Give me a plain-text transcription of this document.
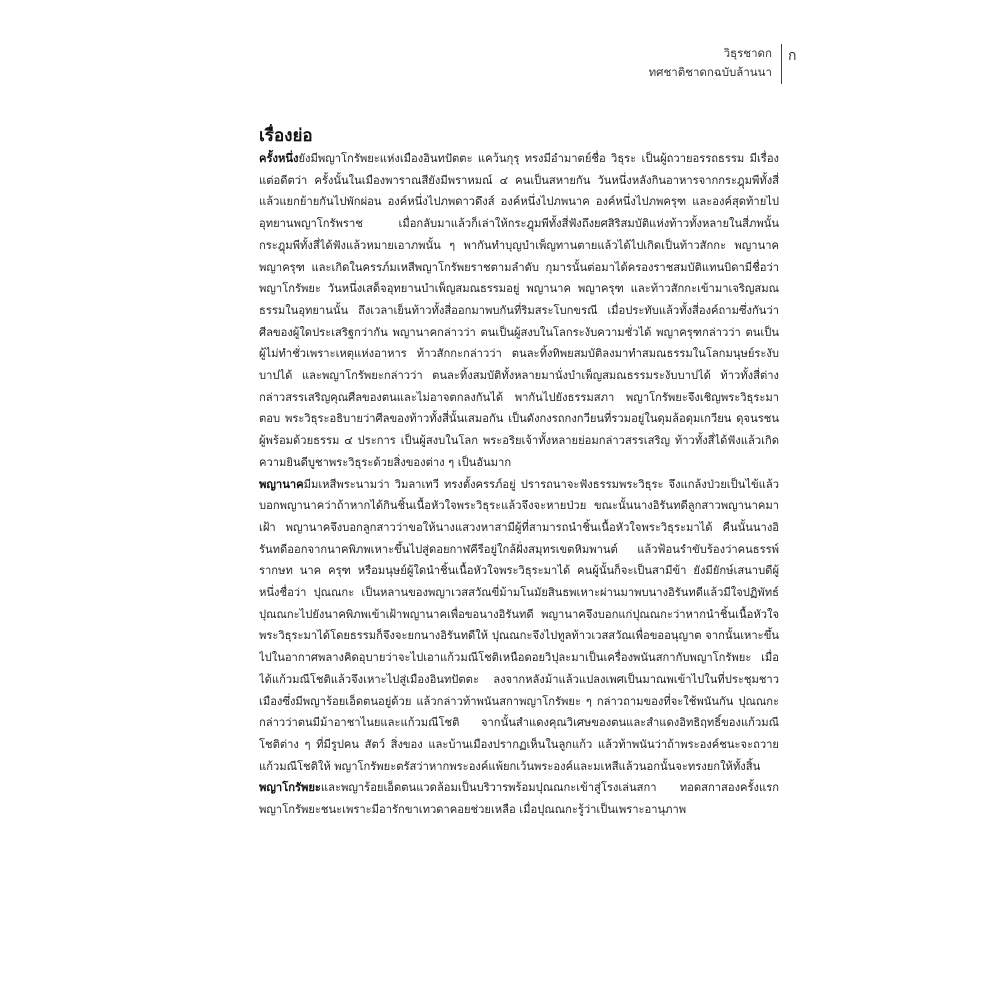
วิธุรชาดก
ทศชาติชาดกฉบับล้านนา
ก
เรื่องย่อ

ครั้งหนึ่งยังมีพญาโกรัพยะแห่งเมืองอินทปัตตะ แคว้นกุรุ ทรงมีอำมาตย์ชื่อ วิธุระ เป็นผู้ถวายอรรถธรรม มีเรื่องแต่อดีตว่า ครั้งนั้นในเมืองพาราณสียังมีพราหมณ์ ๔ คนเป็นสหายกัน วันหนึ่งหลังกินอาหารจากกระฎุมพีทั้งสี่แล้วแยกย้ายกันไปพักผ่อน องค์หนึ่งไปภพดาวดึงส์ องค์หนึ่งไปภพนาค องค์หนึ่งไปภพครุฑ และองค์สุดท้ายไปอุทยานพญาโกรัพราช เมื่อกลับมาแล้วก็เล่าให้กระฎุมพีทั้งสี่ฟังถึงยศสิริสมบัติแห่งท้าวทั้งหลายในสี่ภพนั้น กระฎุมพีทั้งสี่ได้ฟังแล้วหมายเอาภพนั้น ๆ พากันทำบุญบำเพ็ญทานตายแล้วได้ไปเกิดเป็นท้าวสักกะ พญานาค พญาครุฑ และเกิดในครรภ์มเหสีพญาโกรัพยราชตามลำดับ กุมารนั้นต่อมาได้ครองราชสมบัติแทนบิดามีชื่อว่า พญาโกรัพยะ วันหนึ่งเสด็จอุทยานบำเพ็ญสมณธรรมอยู่ พญานาค พญาครุฑ และท้าวสักกะเข้ามาเจริญสมณธรรมในอุทยานนั้น ถึงเวลาเย็นท้าวทั้งสี่ออกมาพบกันที่ริมสระโบกขรณี เมื่อประทับแล้วทั้งสี่องค์ถามซึ่งกันว่าศีลของผู้ใดประเสริฐกว่ากัน พญานาคกล่าวว่า ตนเป็นผู้สงบในโลกระงับความชั่วได้ พญาครุฑกล่าวว่า ตนเป็นผู้ไม่ทำชั่วเพราะเหตุแห่งอาหาร ท้าวสักกะกล่าวว่า ตนละทิ้งทิพยสมบัติลงมาทำสมณธรรมในโลกมนุษย์ระงับบาปได้ และพญาโกรัพยะกล่าวว่า ตนละทิ้งสมบัติทั้งหลายมานั่งบำเพ็ญสมณธรรมระงับบาปได้ ท้าวทั้งสี่ต่างกล่าวสรรเสริญคุณศีลของตนและไม่อาจตกลงกันได้ พากันไปยังธรรมสภา พญาโกรัพยะจึงเชิญพระวิธุระมาตอบ พระวิธุระอธิบายว่าศีลของท้าวทั้งสี่นั้นเสมอกัน เป็นดังกงรถกงกวียนที่รวมอยู่ในดุมล้อดุมเกวียน ดุจนรชนผู้พร้อมด้วยธรรม ๔ ประการ เป็นผู้สงบในโลก พระอริยเจ้าทั้งหลายย่อมกล่าวสรรเสริญ ท้าวทั้งสี่ได้ฟังแล้วเกิดความยินดีบูชาพระวิธุระด้วยสิ่งของต่าง ๆ เป็นอันมาก

พญานาคมีมเหสีพระนามว่า วิมลาเทวี ทรงตั้งครรภ์อยู่ ปรารถนาจะฟังธรรมพระวิธุระ จึงแกล้งป่วยเป็นไข้แล้วบอกพญานาคว่าถ้าหากได้กินชิ้นเนื้อหัวใจพระวิธุระแล้วจึงจะหายป่วย ขณะนั้นนางอิรันทดีลูกสาวพญานาคมาเฝ้า พญานาคจึงบอกลูกสาวว่าขอให้นางแสวงหาสามีผู้ที่สามารถนำชิ้นเนื้อหัวใจพระวิธุระมาได้ คืนนั้นนางอิรันทดีออกจากนาคพิภพเหาะขึ้นไปสู่ดอยกาฬคีรีอยู่ใกล้ฝั่งสมุทรเขตหิมพานต์ แล้วฟ้อนรำขับร้องว่าคนธรรพ์ รากษท นาค ครุฑ หรือมนุษย์ผู้ใดนำชิ้นเนื้อหัวใจพระวิธุระมาได้ คนผู้นั้นก็จะเป็นสามีข้า ยังมียักษ์เสนาบดีผู้หนึ่งชื่อว่า ปุณณกะ เป็นหลานของพญาเวสสวัณขี่ม้ามโนมัยสินธพเหาะผ่านมาพบนางอิรันทดีแล้วมีใจปฏิพัทธ์ ปุณณกะไปยังนาคพิภพเข้าเฝ้าพญานาคเพื่อขอนางอิรันทดี พญานาคจึงบอกแก่ปุณณกะว่าหากนำชิ้นเนื้อหัวใจพระวิธุระมาได้โดยธรรมก็จึงจะยกนางอิรันทดีให้ ปุณณกะจึงไปทูลท้าวเวสสวัณเพื่อขออนุญาต จากนั้นเหาะขึ้นไปในอากาศพลางคิดอุบายว่าจะไปเอาแก้วมณีโชติเหนือดอยวิปุละมาเป็นเครื่องพนันสกากับพญาโกรัพยะ เมื่อได้แก้วมณีโชติแล้วจึงเหาะไปสู่เมืองอินทปัตตะ ลงจากหลังม้าแล้วแปลงเพศเป็นมาณพเข้าไปในที่ประชุมชาวเมืองซึ่งมีพญาร้อยเอ็ดตนอยู่ด้วย แล้วกล่าวท้าพนันสกาพญาโกรัพยะ ๆ กล่าวถามของที่จะใช้พนันกัน ปุณณกะกล่าวว่าตนมีม้าอาชาไนยและแก้วมณีโชติ จากนั้นสำแดงคุณวิเศษของตนและสำแดงอิทธิฤทธิ์ของแก้วมณีโชติต่าง ๆ ที่มีรูปคน สัตว์ สิ่งของ และบ้านเมืองปรากฏเห็นในลูกแก้ว แล้วท้าพนันว่าถ้าพระองค์ชนะจะถวายแก้วมณีโชติให้ พญาโกรัพยะตรัสว่าหากพระองค์แพ้ยกเว้นพระองค์และมเหสีแล้วนอกนั้นจะทรงยกให้ทั้งสิ้น

พญาโกรัพยะและพญาร้อยเอ็ดตนแวดล้อมเป็นบริวารพร้อมปุณณกะเข้าสู่โรงเล่นสกา ทอดสกาสองครั้งแรกพญาโกรัพยะชนะเพราะมีอารักขาเทวดาคอยช่วยเหลือ เมื่อปุณณกะรู้ว่าเป็นเพราะอานุภาพ
